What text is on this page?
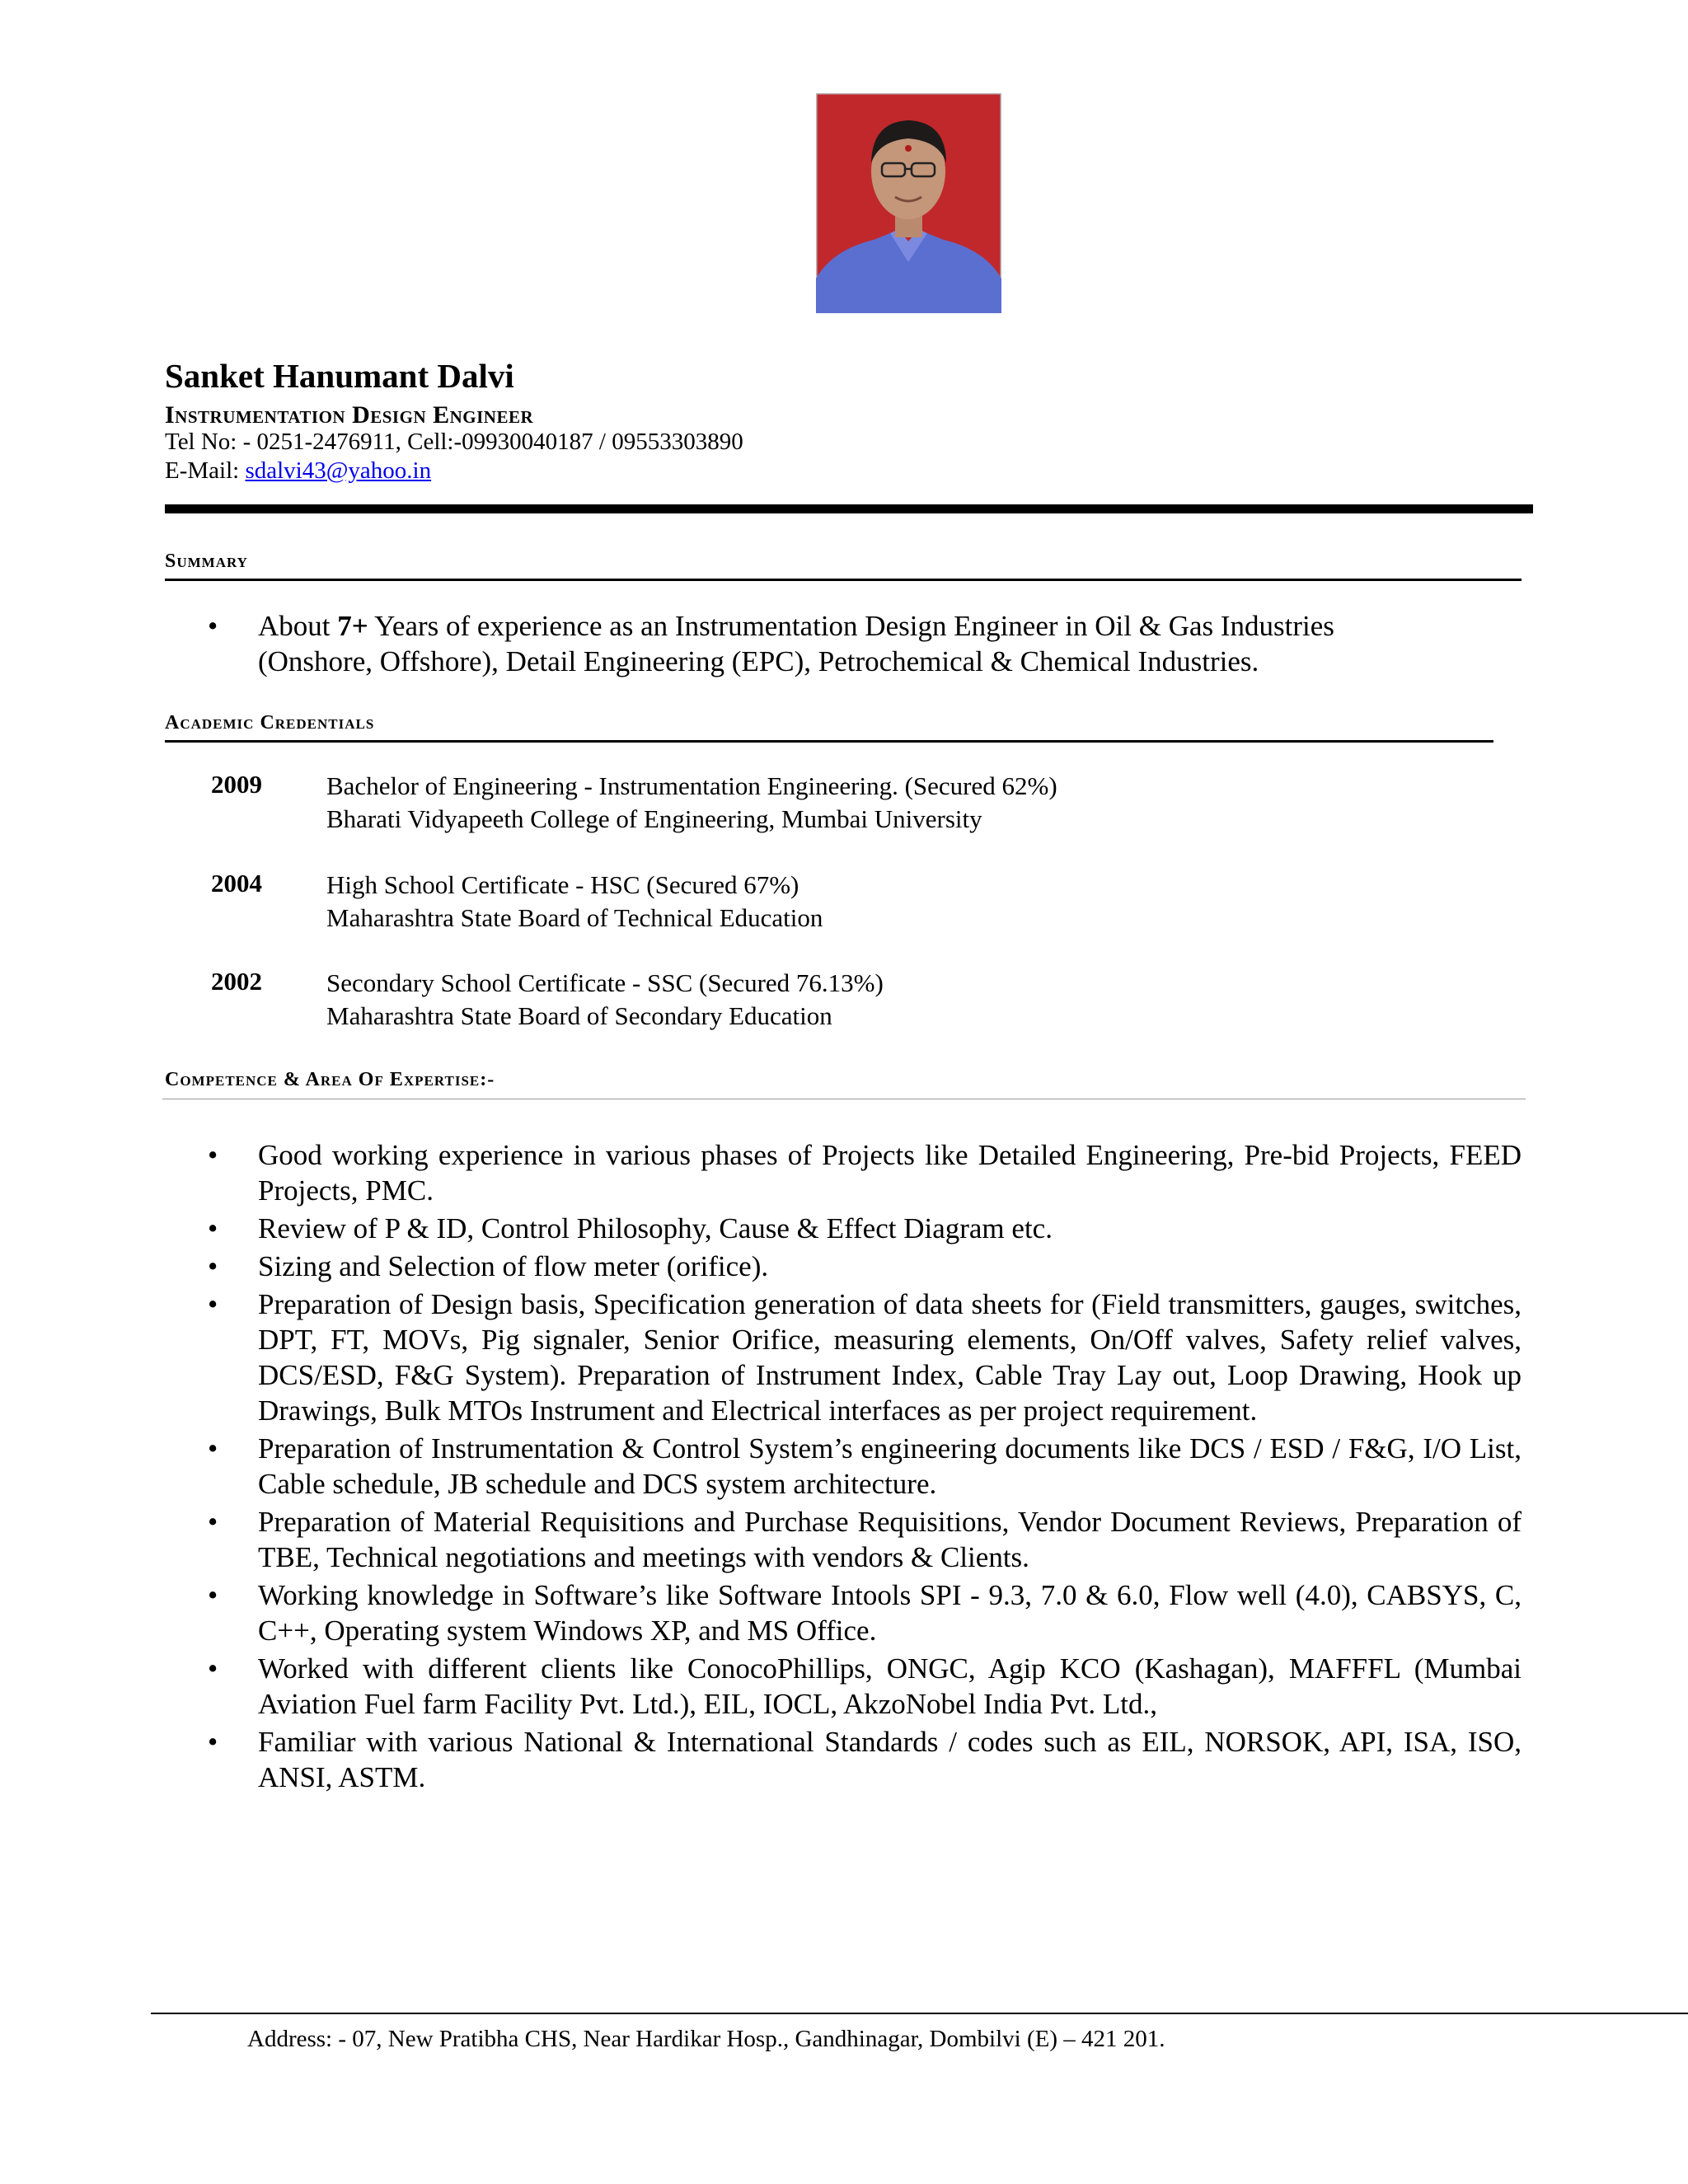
Sanket Hanumant Dalvi
Instrumentation Design Engineer
Tel No: - 0251-2476911, Cell:-09930040187 / 09553303890
E-Mail: sdalvi43@yahoo.in
Summary
• About 7+ Years of experience as an Instrumentation Design Engineer in Oil & Gas Industries (Onshore, Offshore), Detail Engineering (EPC), Petrochemical & Chemical Industries.
Academic Credentials
2009	Bachelor of Engineering - Instrumentation Engineering. (Secured 62%)
Bharati Vidyapeeth College of Engineering, Mumbai University
2004	High School Certificate - HSC (Secured 67%)
Maharashtra State Board of Technical Education
2002	Secondary School Certificate - SSC (Secured 76.13%)
Maharashtra State Board of Secondary Education
Competence & Area Of Expertise:-
• Good working experience in various phases of Projects like Detailed Engineering, Pre-bid Projects, FEED Projects, PMC.
• Review of P & ID, Control Philosophy, Cause & Effect Diagram etc.
• Sizing and Selection of flow meter (orifice).
• Preparation of Design basis, Specification generation of data sheets for (Field transmitters, gauges, switches, DPT, FT, MOVs, Pig signaler, Senior Orifice, measuring elements, On/Off valves, Safety relief valves, DCS/ESD, F&G System). Preparation of Instrument Index, Cable Tray Lay out, Loop Drawing, Hook up Drawings, Bulk MTOs Instrument and Electrical interfaces as per project requirement.
• Preparation of Instrumentation & Control System’s engineering documents like DCS / ESD / F&G, I/O List, Cable schedule, JB schedule and DCS system architecture.
• Preparation of Material Requisitions and Purchase Requisitions, Vendor Document Reviews, Preparation of TBE, Technical negotiations and meetings with vendors & Clients.
• Working knowledge in Software’s like Software Intools SPI - 9.3, 7.0 & 6.0, Flow well (4.0), CABSYS, C, C++, Operating system Windows XP, and MS Office.
• Worked with different clients like ConocoPhillips, ONGC, Agip KCO (Kashagan), MAFFFL (Mumbai Aviation Fuel farm Facility Pvt. Ltd.), EIL, IOCL, AkzoNobel India Pvt. Ltd.,
• Familiar with various National & International Standards / codes such as EIL, NORSOK, API, ISA, ISO, ANSI, ASTM.
Address: - 07, New Pratibha CHS, Near Hardikar Hosp., Gandhinagar, Dombilvi (E) – 421 201.
